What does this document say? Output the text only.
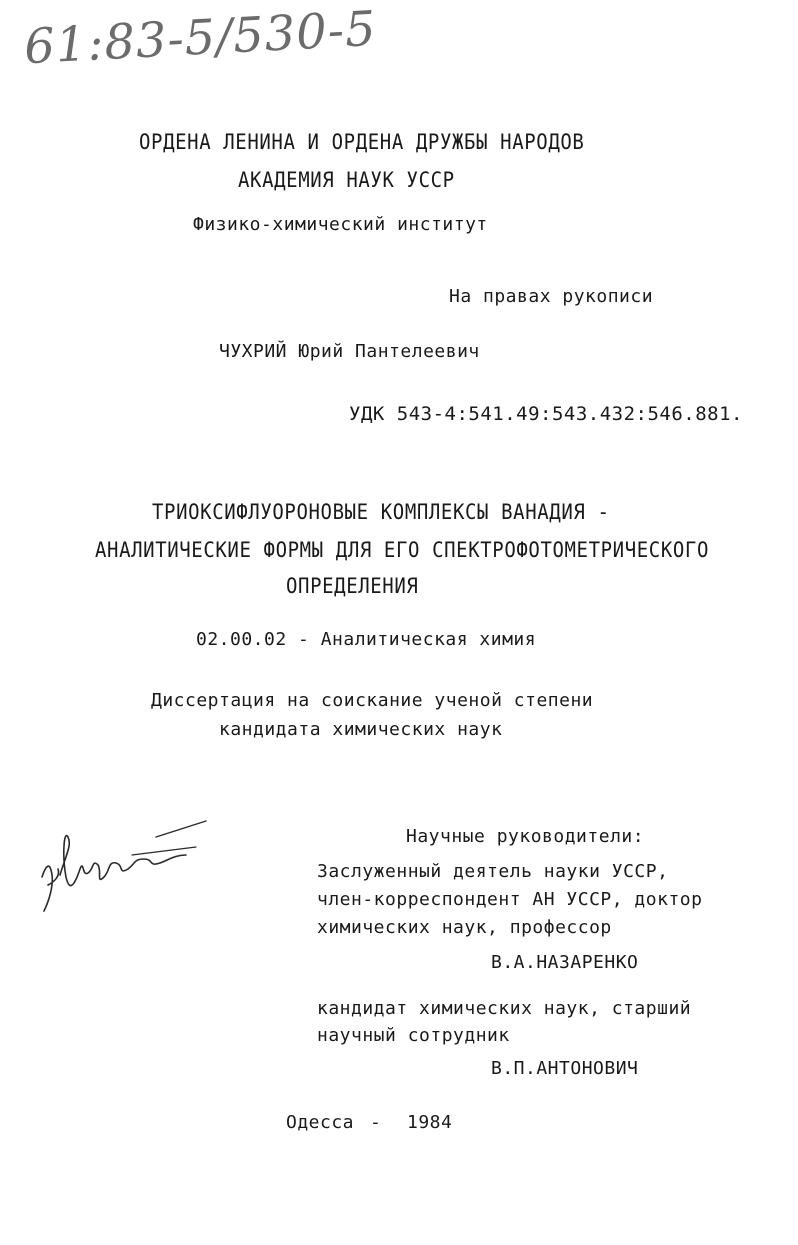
61:83-5/530-5
ОРДЕНА ЛЕНИНА И ОРДЕНА ДРУЖБЫ НАРОДОВ
АКАДЕМИЯ НАУК УССР
Физико-химический институт
На правах рукописи
ЧУХРИЙ Юрий Пантелеевич
УДК 543-4:541.49:543.432:546.881.
ТРИОКСИФЛУОРОНОВЫЕ КОМПЛЕКСЫ ВАНАДИЯ -
АНАЛИТИЧЕСКИЕ ФОРМЫ ДЛЯ ЕГО СПЕКТРОФОТОМЕТРИЧЕСКОГО
ОПРЕДЕЛЕНИЯ
02.00.02 - Аналитическая химия
Диссертация на соискание ученой степени
кандидата химических наук
Научные руководители:
Заслуженный деятель науки УССР,
член-корреспондент АН УССР, доктор
химических наук, профессор
В.А.НАЗАРЕНКО
кандидат химических наук, старший
научный сотрудник
В.П.АНТОНОВИЧ
Одесса - 1984
